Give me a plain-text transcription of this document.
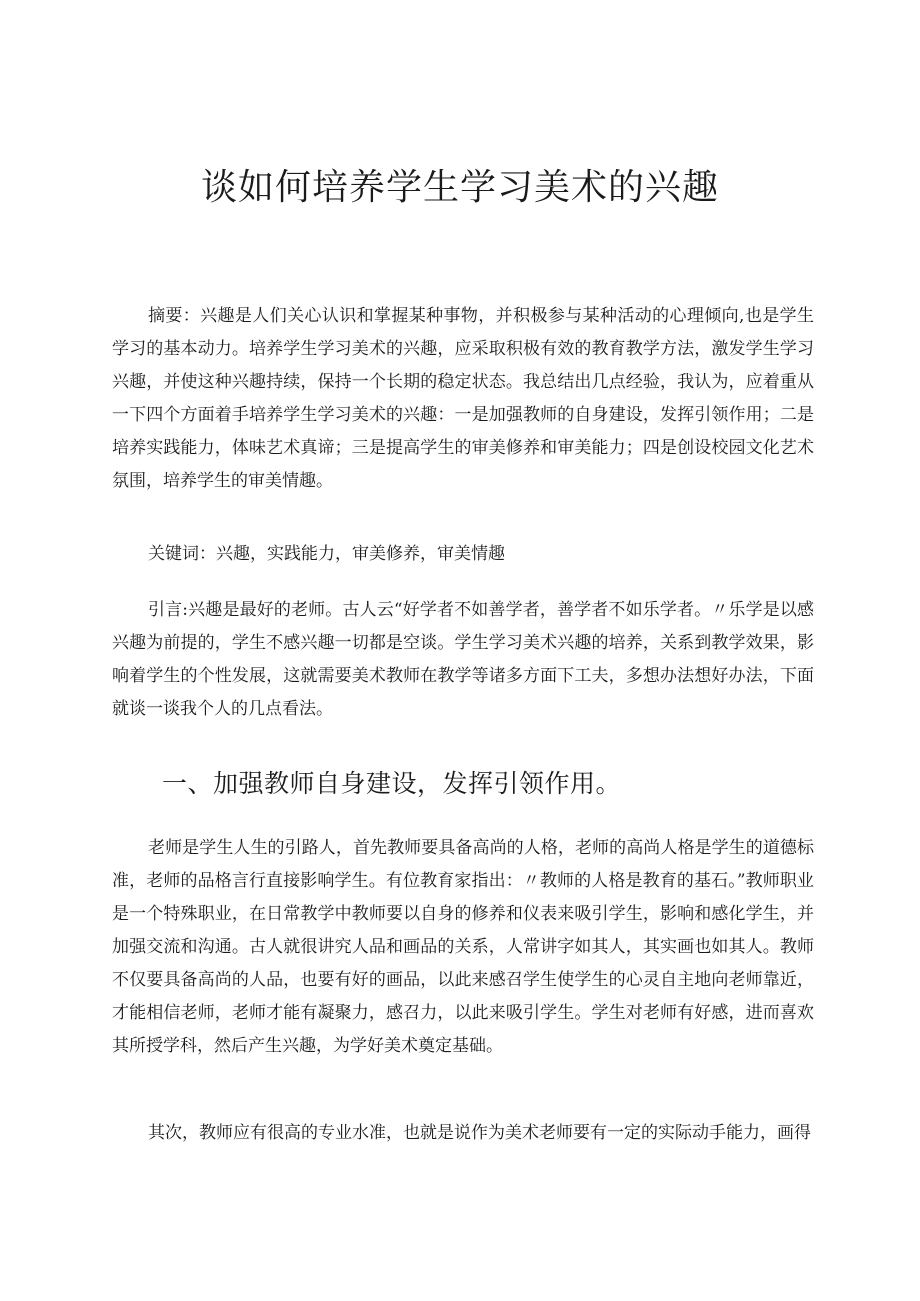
谈如何培养学生学习美术的兴趣

摘要：兴趣是人们关心认识和掌握某种事物，并积极参与某种活动的心理倾向,也是学生学习的基本动力。培养学生学习美术的兴趣，应采取积极有效的教育教学方法，激发学生学习兴趣，并使这种兴趣持续，保持一个长期的稳定状态。我总结出几点经验，我认为，应着重从一下四个方面着手培养学生学习美术的兴趣：一是加强教师的自身建设，发挥引领作用；二是培养实践能力，体味艺术真谛；三是提高学生的审美修养和审美能力；四是创设校园文化艺术氛围，培养学生的审美情趣。

关键词：兴趣，实践能力，审美修养，审美情趣

引言:兴趣是最好的老师。古人云“好学者不如善学者，善学者不如乐学者。〃乐学是以感兴趣为前提的，学生不感兴趣一切都是空谈。学生学习美术兴趣的培养，关系到教学效果，影响着学生的个性发展，这就需要美术教师在教学等诸多方面下工夫，多想办法想好办法，下面就谈一谈我个人的几点看法。

一、加强教师自身建设，发挥引领作用。

老师是学生人生的引路人，首先教师要具备高尚的人格，老师的高尚人格是学生的道德标准，老师的品格言行直接影响学生。有位教育家指出：〃教师的人格是教育的基石。”教师职业是一个特殊职业，在日常教学中教师要以自身的修养和仪表来吸引学生，影响和感化学生，并加强交流和沟通。古人就很讲究人品和画品的关系，人常讲字如其人，其实画也如其人。教师不仅要具备高尚的人品，也要有好的画品，以此来感召学生使学生的心灵自主地向老师靠近，才能相信老师，老师才能有凝聚力，感召力，以此来吸引学生。学生对老师有好感，进而喜欢其所授学科，然后产生兴趣，为学好美术奠定基础。

其次，教师应有很高的专业水准，也就是说作为美术老师要有一定的实际动手能力，画得
